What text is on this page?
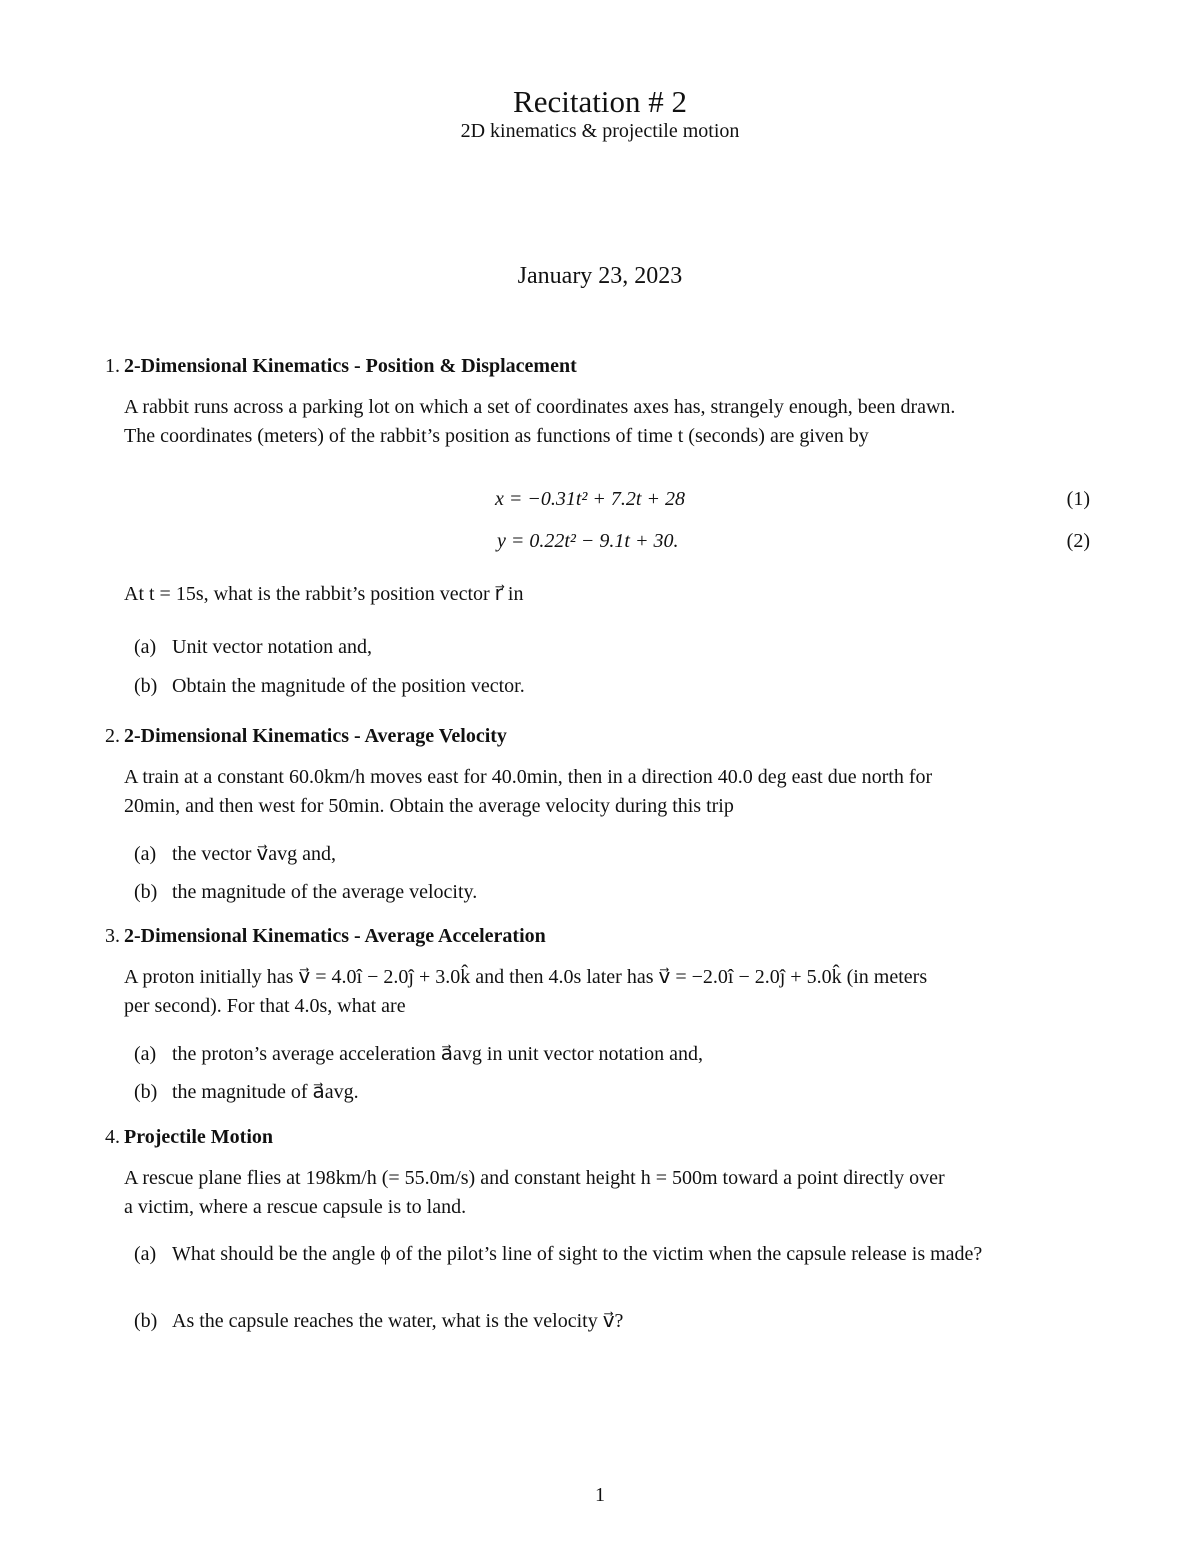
Recitation # 2
2D kinematics & projectile motion
January 23, 2023
1. 2-Dimensional Kinematics - Position & Displacement
A rabbit runs across a parking lot on which a set of coordinates axes has, strangely enough, been drawn.
The coordinates (meters) of the rabbit’s position as functions of time t (seconds) are given by
x = −0.31t² + 7.2t + 28	(1)
y = 0.22t² − 9.1t + 30.	(2)
At t = 15s, what is the rabbit’s position vector r⃗ in
(a) Unit vector notation and,
(b) Obtain the magnitude of the position vector.
2. 2-Dimensional Kinematics - Average Velocity
A train at a constant 60.0km/h moves east for 40.0min, then in a direction 40.0 deg east due north for
20min, and then west for 50min. Obtain the average velocity during this trip
(a) the vector v⃗avg and,
(b) the magnitude of the average velocity.
3. 2-Dimensional Kinematics - Average Acceleration
A proton initially has v⃗ = 4.0î − 2.0ĵ + 3.0k̂ and then 4.0s later has v⃗ = −2.0î − 2.0ĵ + 5.0k̂ (in meters
per second). For that 4.0s, what are
(a) the proton’s average acceleration a⃗avg in unit vector notation and,
(b) the magnitude of a⃗avg.
4. Projectile Motion
A rescue plane flies at 198km/h (= 55.0m/s) and constant height h = 500m toward a point directly over
a victim, where a rescue capsule is to land.
(a) What should be the angle ϕ of the pilot’s line of sight to the victim when the capsule release is made?
(b) As the capsule reaches the water, what is the velocity v⃗?
1
